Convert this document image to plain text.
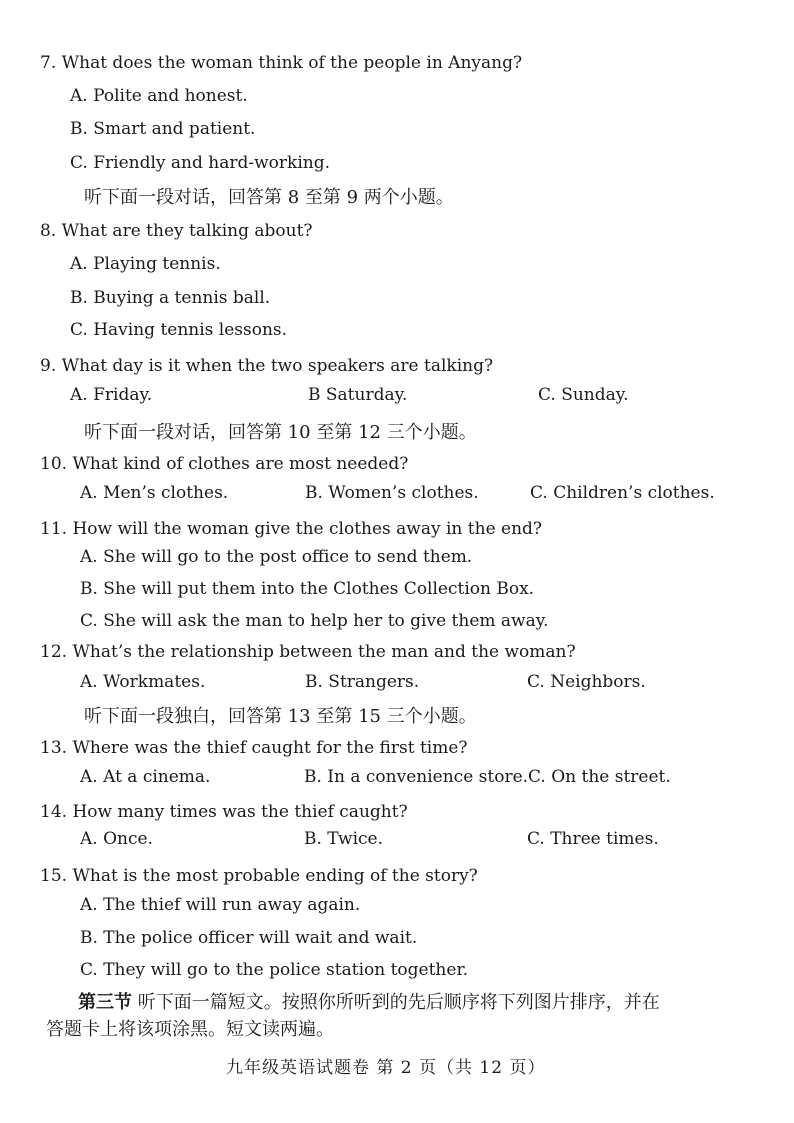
7. What does the woman think of the people in Anyang?
A. Polite and honest.
B. Smart and patient.
C. Friendly and hard-working.
听下面一段对话，回答第 8 至第 9 两个小题。
8. What are they talking about?
A. Playing tennis.
B. Buying a tennis ball.
C. Having tennis lessons.
9. What day is it when the two speakers are talking?
A. Friday.	B Saturday.	C. Sunday.
听下面一段对话，回答第 10 至第 12 三个小题。
10. What kind of clothes are most needed?
A. Men’s clothes.	B. Women’s clothes.	C. Children’s clothes.
11. How will the woman give the clothes away in the end?
A. She will go to the post office to send them.
B. She will put them into the Clothes Collection Box.
C. She will ask the man to help her to give them away.
12. What’s the relationship between the man and the woman?
A. Workmates.	B. Strangers.	C. Neighbors.
听下面一段独白，回答第 13 至第 15 三个小题。
13. Where was the thief caught for the first time?
A. At a cinema.	B. In a convenience store. C. On the street.
14. How many times was the thief caught?
A. Once.	B. Twice.	C. Three times.
15. What is the most probable ending of the story?
A. The thief will run away again.
B. The police officer will wait and wait.
C. They will go to the police station together.
第三节 听下面一篇短文。按照你所听到的先后顺序将下列图片排序，并在
答题卡上将该项涂黑。短文读两遍。
九年级英语试题卷 第 2 页（共 12 页）
